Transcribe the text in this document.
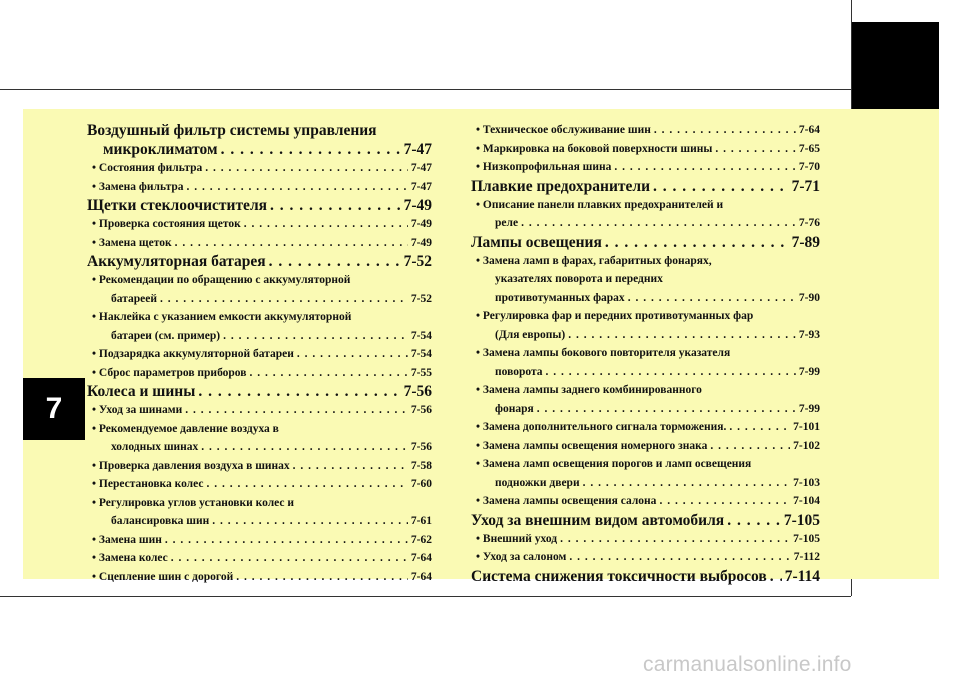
Воздушный фильтр системы управления
микроклиматом . . .	7-47
• Состояния фильтра . . .	7-47
• Замена фильтра . . .	7-47
Щетки стеклоочистителя . . .	7-49
• Проверка состояния щеток . . .	7-49
• Замена щеток . . .	7-49
Аккумуляторная батарея . . .	7-52
• Рекомендации по обращению с аккумуляторной
батареей . . .	7-52
• Наклейка с указанием емкости аккумуляторной
батареи (см. пример) . . .	7-54
• Подзарядка аккумуляторной батареи . . .	7-54
• Сброс параметров приборов . . .	7-55
Колеса и шины . . .	7-56
• Уход за шинами . . .	7-56
• Рекомендуемое давление воздуха в
холодных шинах . . .	7-56
• Проверка давления воздуха в шинах . . .	7-58
• Перестановка колес . . .	7-60
• Регулировка углов установки колес и
балансировка шин . . .	7-61
• Замена шин . . .	7-62
• Замена колес . . .	7-64
• Сцепление шин с дорогой . . .	7-64
• Техническое обслуживание шин . . .	7-64
• Маркировка на боковой поверхности шины . . .	7-65
• Низкопрофильная шина . . .	7-70
Плавкие предохранители . . .	7-71
• Описание панели плавких предохранителей и
реле . . .	7-76
Лампы освещения . . .	7-89
• Замена ламп в фарах, габаритных фонарях,
указателях поворота и передних
противотуманных фарах . . .	7-90
• Регулировка фар и передних противотуманных фар
(Для европы) . . .	7-93
• Замена лампы бокового повторителя указателя
поворота . . .	7-99
• Замена лампы заднего комбинированного
фонаря . . .	7-99
• Замена дополнительного сигнала торможения. . . .	7-101
• Замена лампы освещения номерного знака . . .	7-102
• Замена ламп освещения порогов и ламп освещения
подножки двери . . .	7-103
• Замена лампы освещения салона . . .	7-104
Уход за внешним видом автомобиля . . .	7-105
• Внешний уход . . .	7-105
• Уход за салоном . . .	7-112
Система снижения токсичности выбросов . . . 7-114
7
carmanualsonline.info
